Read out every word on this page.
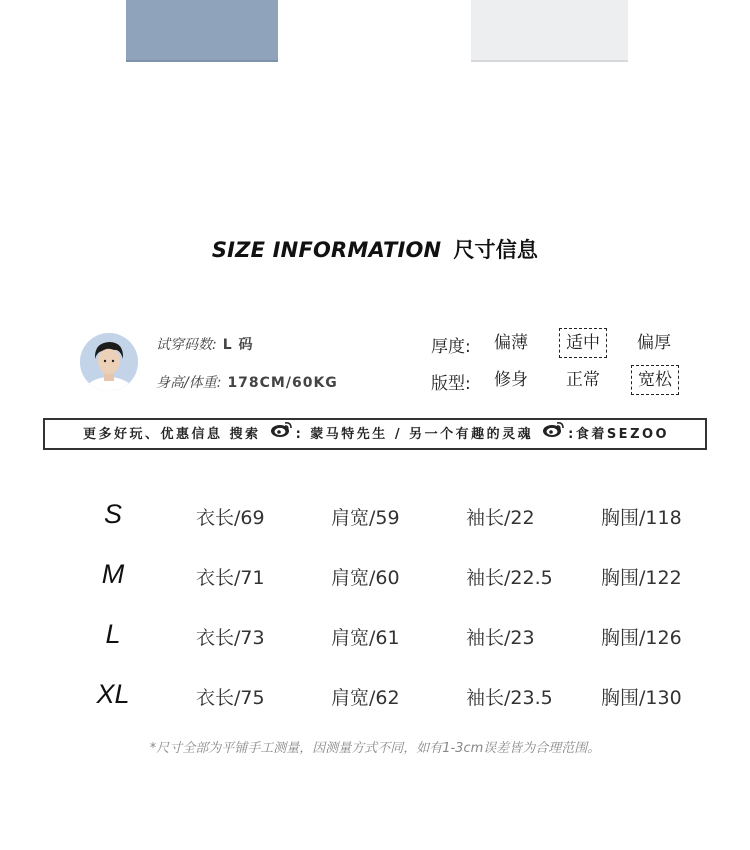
SIZE INFORMATION 尺寸信息
试穿码数: L 码
身高/体重: 178CM/60KG
厚度: 偏薄	适中	偏厚
版型: 修身 正常	宽松
更多好玩、优惠信息 搜索	: 蒙马特先生 / 另一个有趣的灵魂	:食着SEZOO
S	衣长/69	肩宽/59	袖长/22	胸围/118
M	衣长/71	肩宽/60	袖长/22.5	胸围/122
L	衣长/73	肩宽/61	袖长/23	胸围/126
XL	衣长/75	肩宽/62	袖长/23.5	胸围/130
*尺寸全部为平铺手工测量，因测量方式不同，如有1-3cm误差皆为合理范围。
